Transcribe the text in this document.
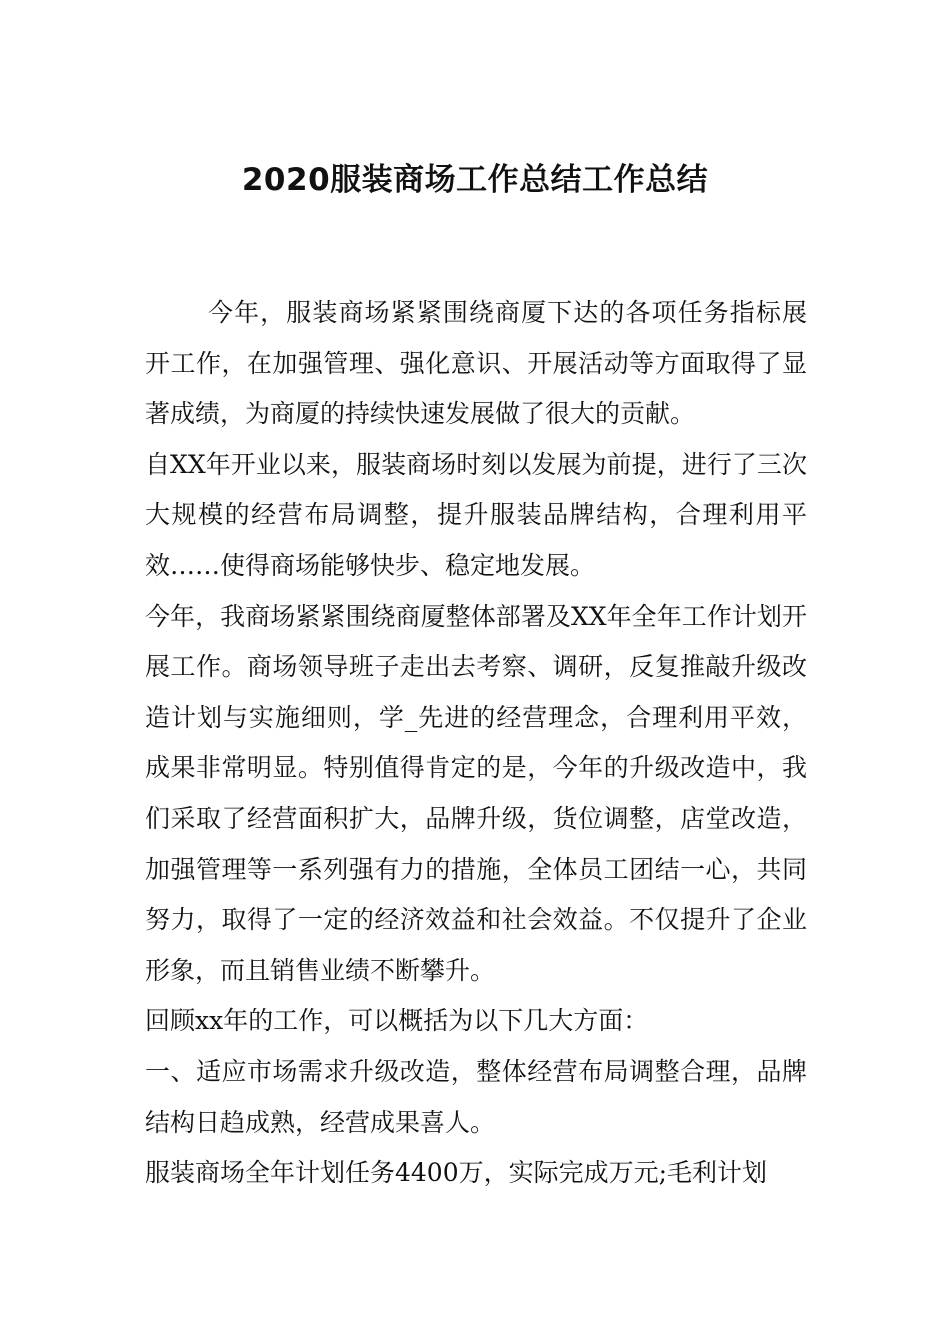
2020服装商场工作总结工作总结

今年，服装商场紧紧围绕商厦下达的各项任务指标展开工作，在加强管理、强化意识、开展活动等方面取得了显著成绩，为商厦的持续快速发展做了很大的贡献。

自XX年开业以来，服装商场时刻以发展为前提，进行了三次大规模的经营布局调整，提升服装品牌结构，合理利用平效……使得商场能够快步、稳定地发展。

今年，我商场紧紧围绕商厦整体部署及XX年全年工作计划开展工作。商场领导班子走出去考察、调研，反复推敲升级改造计划与实施细则，学_先进的经营理念，合理利用平效，成果非常明显。特别值得肯定的是，今年的升级改造中，我们采取了经营面积扩大，品牌升级，货位调整，店堂改造，加强管理等一系列强有力的措施，全体员工团结一心，共同努力，取得了一定的经济效益和社会效益。不仅提升了企业形象，而且销售业绩不断攀升。

回顾xx年的工作，可以概括为以下几大方面：

一、适应市场需求升级改造，整体经营布局调整合理，品牌结构日趋成熟，经营成果喜人。

服装商场全年计划任务4400万，实际完成万元;毛利计划
